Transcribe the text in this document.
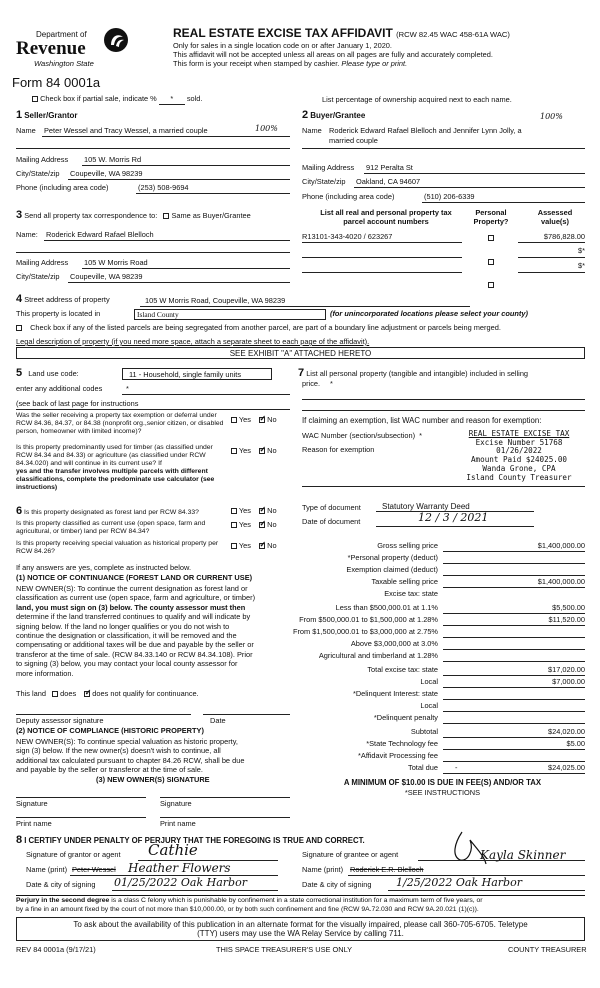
Department of
Revenue
Washington State
Form 84 0001a
REAL ESTATE EXCISE TAX AFFIDAVIT (RCW 82.45 WAC 458-61A WAC)
Only for sales in a single location code on or after January 1, 2020.
This affidavit will not be accepted unless all areas on all pages are fully and accurately completed.
This form is your receipt when stamped by cashier. Please type or print.
Check box if partial sale, indicate % * sold.	List percentage of ownership acquired next to each name.
1 Seller/Grantor
Name Peter Wessel and Tracy Wessel, a married couple	100%
Mailing Address 105 W. Morris Rd
City/State/zip Coupeville, WA 98239
Phone (including area code)	(253) 508-9694
2 Buyer/Grantee	100%
Name Roderick Edward Rafael Blelloch and Jennifer Lynn Jolly, a
married couple
Mailing Address 912 Peralta St
City/State/zip Oakland, CA 94607
Phone (including area code)	(510) 206-6339
3 Send all property tax correspondence to: Same as Buyer/Grantee
Name: Roderick Edward Rafael Blelloch
Mailing Address 105 W Morris Road
City/State/zip Coupeville, WA 98239
List all real and personal property tax
parcel account numbers
Personal
Property?
Assessed
value(s)
R13101-343-4020 / 623267	$786,828.00
$*
$*
4 Street address of property	105 W Morris Road, Coupeville, WA 98239
This property is located in	Island County	(for unincorporated locations please select your county)
Check box if any of the listed parcels are being segregated from another parcel, are part of a boundary line adjustment or parcels being merged.
Legal description of property (if you need more space, attach a separate sheet to each page of the affidavit).
SEE EXHIBIT "A" ATTACHED HERETO
5 Land use code:	11 - Household, single family units
enter any additional codes	*
(see back of last page for instructions
Was the seller receiving a property tax exemption or deferral under RCW 84.36, 84.37, or 84.38 (nonprofit org.,senior citizen, or disabled person, homeowner with limited income)?
Yes ✓ No
Is this property predominantly used for timber (as classified under RCW 84.34 and 84.33) or agriculture (as classified under RCW 84.34.020) and will continue in its current use? If
yes and the transfer involves multiple parcels with different classifications, complete the predominate use calculator (see instructions)
Yes ✓ No
6 Is this property designated as forest land per RCW 84.33?	Yes ✓ No
Is this property classified as current use (open space, farm and agricultural, or timber) land per RCW 84.34?
Yes ✓ No
Is this property receiving special valuation as historical property per RCW 84.26?
Yes ✓ No
If any answers are yes, complete as instructed below.
(1) NOTICE OF CONTINUANCE (FOREST LAND OR CURRENT USE)
NEW OWNER(S): To continue the current designation as forest land or
classification as current use (open space, farm and agriculture, or timber)
land, you must sign on (3) below. The county assessor must then
determine if the land transferred continues to qualify and will indicate by
signing below. If the land no longer qualifies or you do not wish to
continue the designation or classification, it will be removed and the
compensating or additional taxes will be due and payable by the seller or
transferor at the time of sale. (RCW 84.33.140 or RCW 84.34.108). Prior
to signing (3) below, you may contact your local county assessor for
more information.
This land does ✓ does not qualify for continuance.
Deputy assessor signature	Date
(2) NOTICE OF COMPLIANCE (HISTORIC PROPERTY)
NEW OWNER(S): To continue special valuation as historic property,
sign (3) below. If the new owner(s) doesn't wish to continue, all
additional tax calculated pursuant to chapter 84.26 RCW, shall be due
and payable by the seller or transferor at the time of sale.
(3) NEW OWNER(S) SIGNATURE
Signature	Signature
Print name	Print name
7 List all personal property (tangible and intangible) included in selling
price. *
If claiming an exemption, list WAC number and reason for exemption:
WAC Number (section/subsection) *
Reason for exemption
REAL ESTATE EXCISE TAX
Excise Number 51768
01/26/2022
Amount Paid $24025.00
Wanda Grone, CPA
Island County Treasurer
Type of document	Statutory Warranty Deed
Date of document	12 / 3 / 2021
Gross selling price	$1,400,000.00
*Personal property (deduct)
Exemption claimed (deduct)
Taxable selling price	$1,400,000.00
Excise tax: state
Less than $500,000.01 at 1.1%	$5,500.00
From $500,000.01 to $1,500,000 at 1.28%	$11,520.00
From $1,500,000.01 to $3,000,000 at 2.75%
Above $3,000,000 at 3.0%
Agricultural and timberland at 1.28%
Total excise tax: state	$17,020.00
Local	$7,000.00
*Delinquent Interest: state
Local
*Delinquent penalty
Subtotal	$24,020.00
*State Technology fee	$5.00
*Affidavit Processing fee
Total due	$24,025.00
-
A MINIMUM OF $10.00 IS DUE IN FEE(S) AND/OR TAX
*SEE INSTRUCTIONS
8 I CERTIFY UNDER PENALTY OF PERJURY THAT THE FOREGOING IS TRUE AND CORRECT.
Signature of grantor or agent Cathie
Name (print) Peter Wessel Heather Flowers
Date & city of signing 01/25/2022 Oak Harbor
Signature of grantee or agent	Kayla Skinner
Name (print) Roderick E.R. Blelloch
Date & city of signing 1/25/2022 Oak Harbor
Perjury in the second degree is a class C felony which is punishable by confinement in a state correctional institution for a maximum term of five years, or
by a fine in an amount fixed by the court of not more than $10,000.00, or by both such confinement and fine (RCW 9A.72.030 and RCW 9A.20.021 (1)(c)).
To ask about the availability of this publication in an alternate format for the visually impaired, please call 360-705-6705. Teletype
(TTY) users may use the WA Relay Service by calling 711.
REV 84 0001a (9/17/21)	THIS SPACE TREASURER'S USE ONLY	COUNTY TREASURER
